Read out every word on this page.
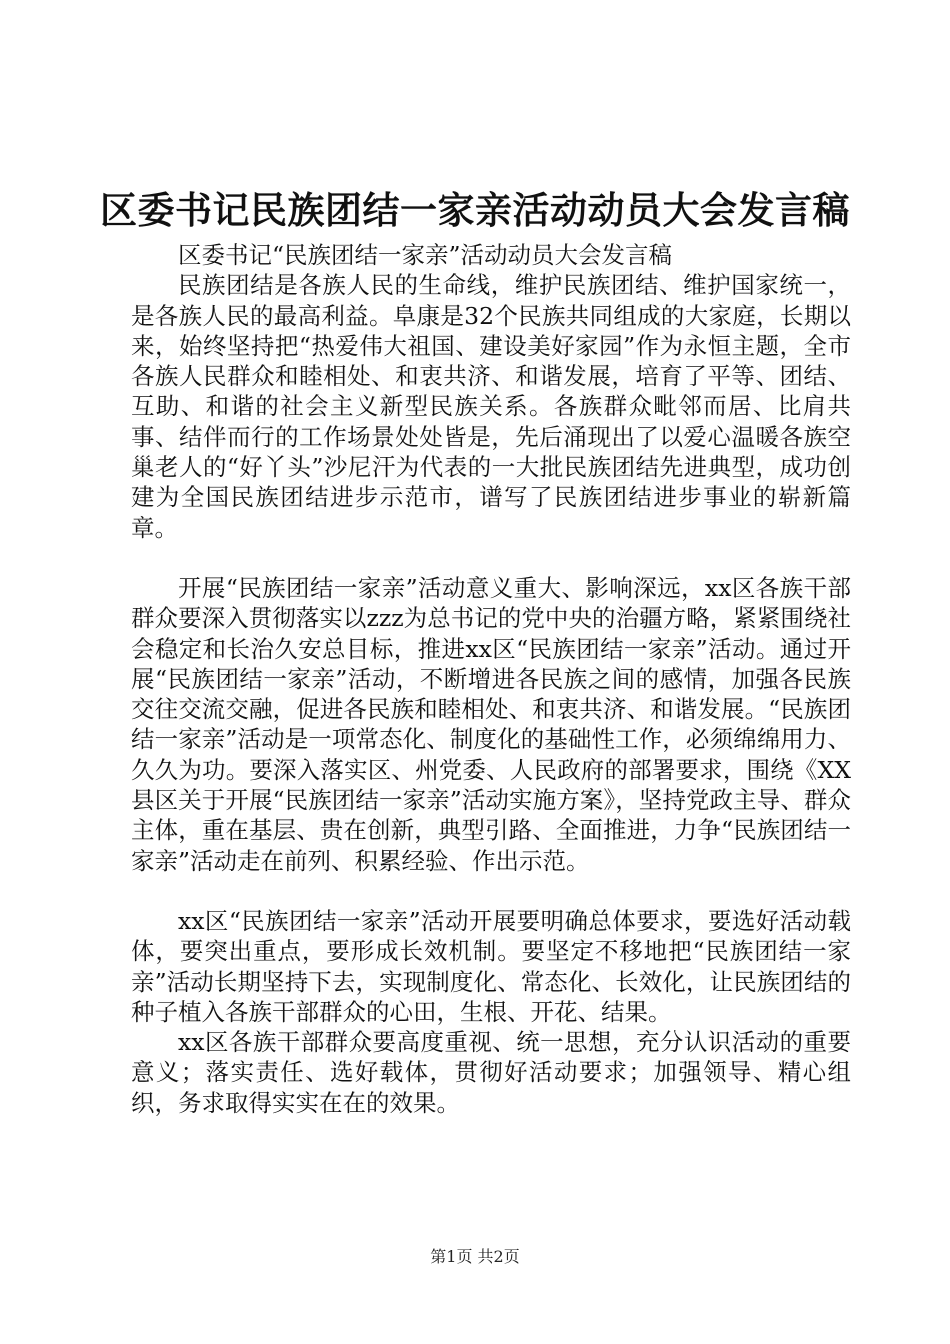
区委书记民族团结一家亲活动动员大会发言稿

区委书记“民族团结一家亲”活动动员大会发言稿

民族团结是各族人民的生命线，维护民族团结、维护国家统一，是各族人民的最高利益。阜康是32个民族共同组成的大家庭，长期以来，始终坚持把“热爱伟大祖国、建设美好家园”作为永恒主题，全市各族人民群众和睦相处、和衷共济、和谐发展，培育了平等、团结、互助、和谐的社会主义新型民族关系。各族群众毗邻而居、比肩共事、结伴而行的工作场景处处皆是，先后涌现出了以爱心温暖各族空巢老人的“好丫头”沙尼汗为代表的一大批民族团结先进典型，成功创建为全国民族团结进步示范市，谱写了民族团结进步事业的崭新篇章。

开展“民族团结一家亲”活动意义重大、影响深远，xx区各族干部群众要深入贯彻落实以zzz为总书记的党中央的治疆方略，紧紧围绕社会稳定和长治久安总目标，推进xx区“民族团结一家亲”活动。通过开展“民族团结一家亲”活动，不断增进各民族之间的感情，加强各民族交往交流交融，促进各民族和睦相处、和衷共济、和谐发展。“民族团结一家亲”活动是一项常态化、制度化的基础性工作，必须绵绵用力、久久为功。要深入落实区、州党委、人民政府的部署要求，围绕《XX县区关于开展“民族团结一家亲”活动实施方案》，坚持党政主导、群众主体，重在基层、贵在创新，典型引路、全面推进，力争“民族团结一家亲”活动走在前列、积累经验、作出示范。

xx区“民族团结一家亲”活动开展要明确总体要求，要选好活动载体，要突出重点，要形成长效机制。要坚定不移地把“民族团结一家亲”活动长期坚持下去，实现制度化、常态化、长效化，让民族团结的种子植入各族干部群众的心田，生根、开花、结果。

xx区各族干部群众要高度重视、统一思想，充分认识活动的重要意义；落实责任、选好载体，贯彻好活动要求；加强领导、精心组织，务求取得实实在在的效果。

第1页 共2页
